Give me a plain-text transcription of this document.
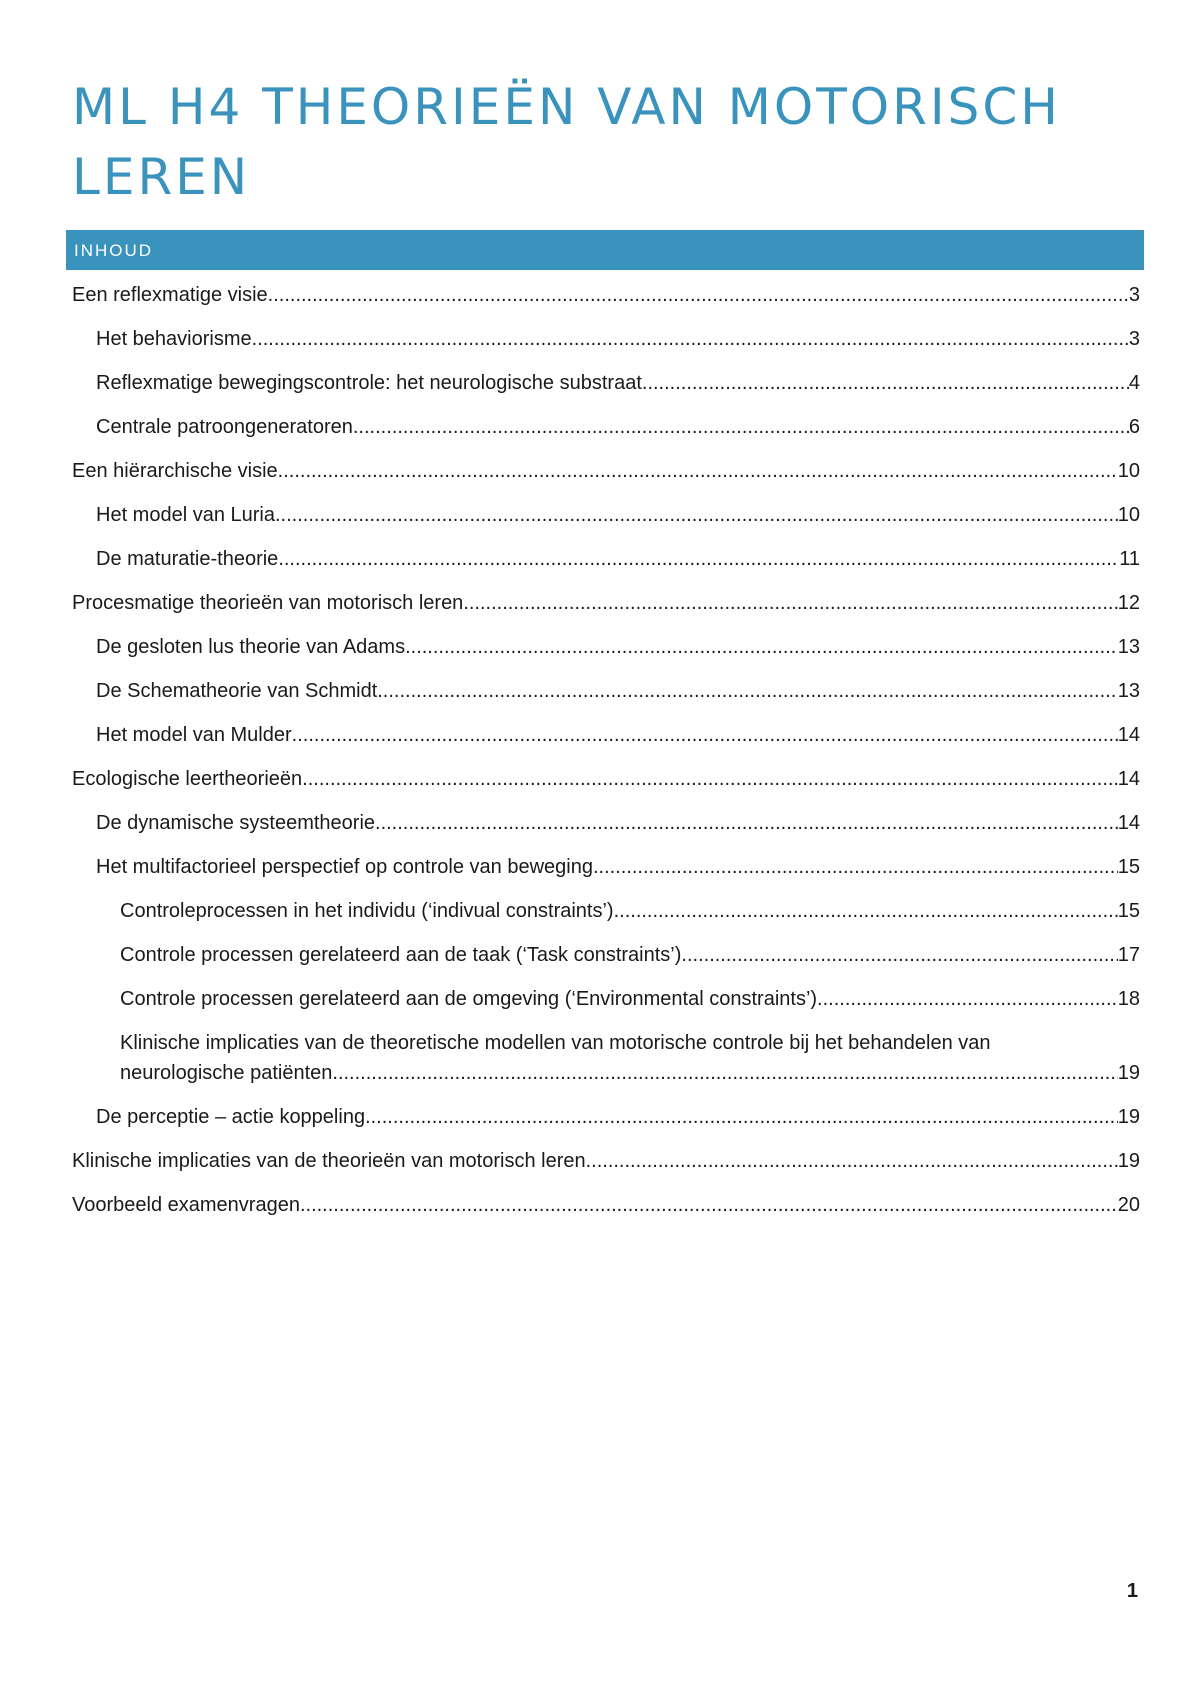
ML H4 THEORIEËN VAN MOTORISCH LEREN
INHOUD
Een reflexmatige visie .....	3
Het behaviorisme .....	3
Reflexmatige bewegingscontrole: het neurologische substraat .....	4
Centrale patroongeneratoren .....	6
Een hiërarchische visie .....	10
Het model van Luria .....	10
De maturatie-theorie .....	11
Procesmatige theorieën van motorisch leren .....	12
De gesloten lus theorie van Adams .....	13
De Schematheorie van Schmidt .....	13
Het model van Mulder .....	14
Ecologische leertheorieën .....	14
De dynamische systeemtheorie .....	14
Het multifactorieel perspectief op controle van beweging .....	15
Controleprocessen in het individu (‘indivual constraints’) .....	15
Controle processen gerelateerd aan de taak (‘Task constraints’) .....	17
Controle processen gerelateerd aan de omgeving (‘Environmental constraints’) .....	18
Klinische implicaties van de theoretische modellen van motorische controle bij het behandelen van
neurologische patiënten .....	19
De perceptie – actie koppeling .....	19
Klinische implicaties van de theorieën van motorisch leren .....	19
Voorbeeld examenvragen .....	20
1
